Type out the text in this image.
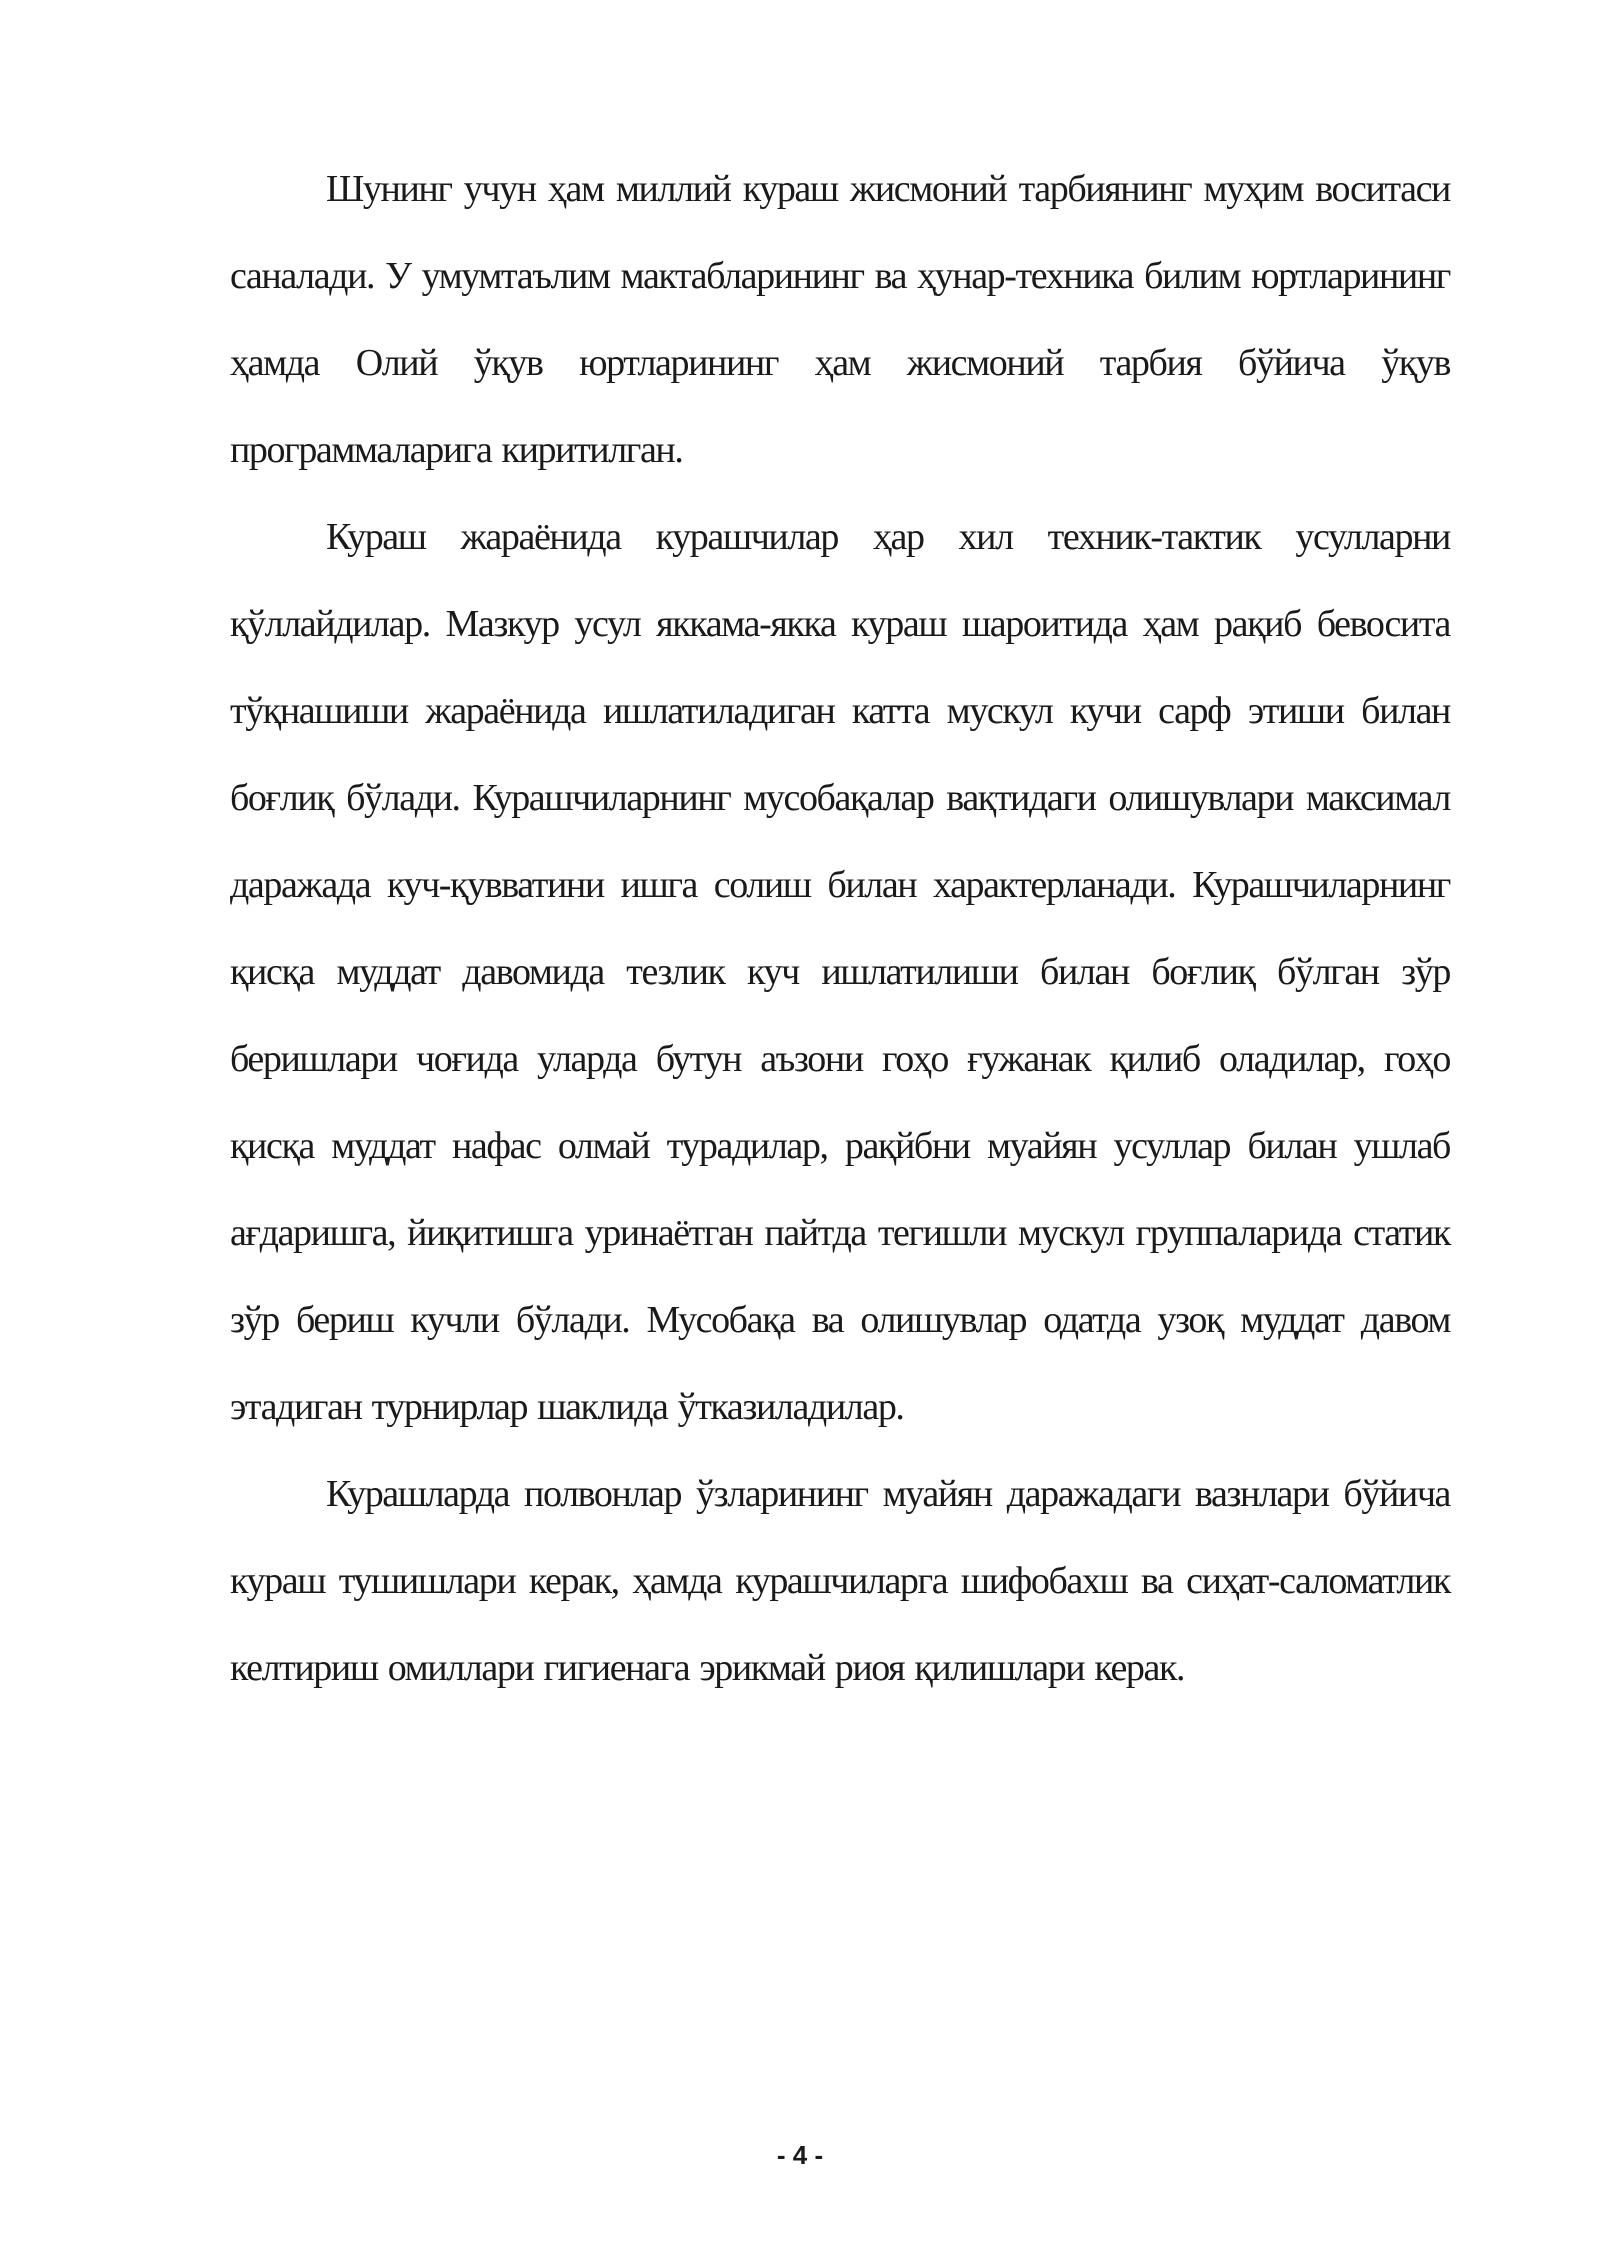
Шунинг учун ҳам миллий кураш жисмоний тарбиянинг муҳим воситаси саналади. У умумтаълим мактабларининг ва ҳунар-техника билим юртларининг ҳамда Олий ўқув юртларининг ҳам жисмоний тарбия бўйича ўқув программаларига киритилган.

Кураш жараёнида курашчилар ҳар хил техник-тактик усулларни қўллайдилар. Мазкур усул яккама-якка кураш шароитида ҳам рақиб бевосита тўқнашиши жараёнида ишлатиладиган катта мускул кучи сарф этиши билан боғлиқ бўлади. Курашчиларнинг мусобақалар вақтидаги олишувлари максимал даражада куч-қувватини ишга солиш билан характерланади. Курашчиларнинг қисқа муддат давомида тезлик куч ишлатилиши билан боғлиқ бўлган зўр беришлари чоғида уларда бутун аъзони гоҳо ғужанак қилиб оладилар, гоҳо қисқа муддат нафас олмай турадилар, рақйбни муайян усуллар билан ушлаб ағдаришга, йиқитишга уринаётган пайтда тегишли мускул группаларида статик зўр бериш кучли бўлади. Мусобақа ва олишувлар одатда узоқ муддат давом этадиган турнирлар шаклида ўтказиладилар.

Курашларда полвонлар ўзларининг муайян даражадаги вазнлари бўйича кураш тушишлари керак, ҳамда курашчиларга шифобахш ва сиҳат-саломатлик келтириш омиллари гигиенага эрикмай риоя қилишлари керак.

- 4 -
